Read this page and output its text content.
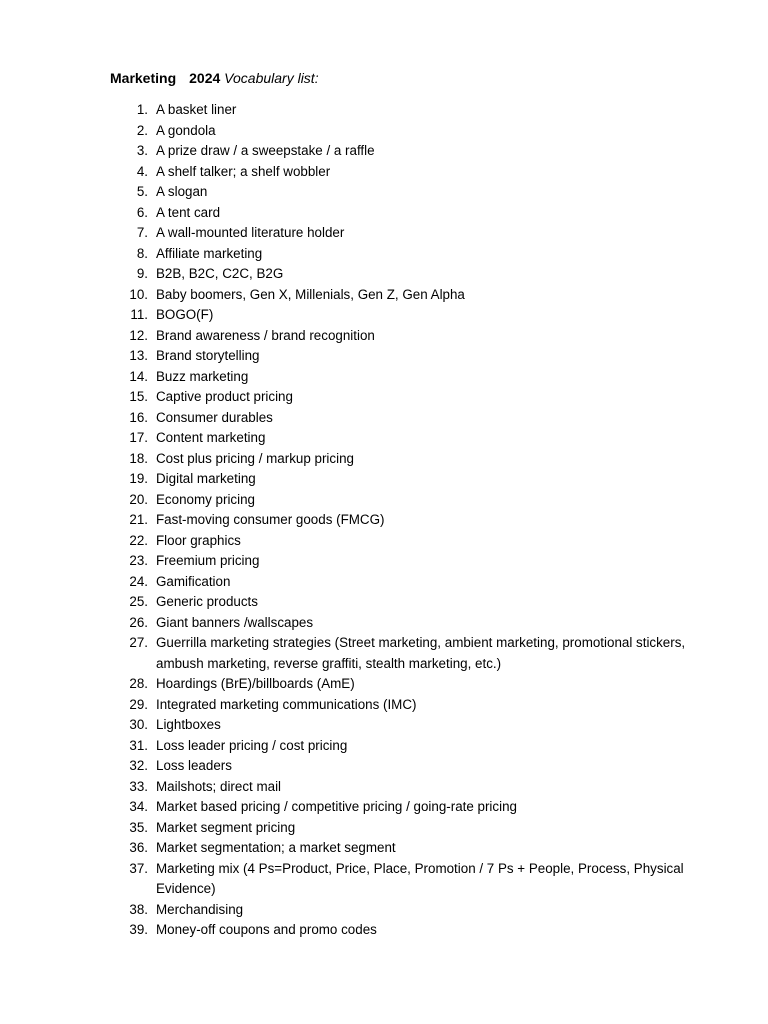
Marketing 2024 Vocabulary list:
1. A basket liner
2. A gondola
3. A prize draw / a sweepstake / a raffle
4. A shelf talker; a shelf wobbler
5. A slogan
6. A tent card
7. A wall-mounted literature holder
8. Affiliate marketing
9. B2B, B2C, C2C, B2G
10. Baby boomers, Gen X, Millenials, Gen Z, Gen Alpha
11. BOGO(F)
12. Brand awareness / brand recognition
13. Brand storytelling
14. Buzz marketing
15. Captive product pricing
16. Consumer durables
17. Content marketing
18. Cost plus pricing / markup pricing
19. Digital marketing
20. Economy pricing
21. Fast-moving consumer goods (FMCG)
22. Floor graphics
23. Freemium pricing
24. Gamification
25. Generic products
26. Giant banners /wallscapes
27. Guerrilla marketing strategies (Street marketing, ambient marketing, promotional stickers, ambush marketing, reverse graffiti, stealth marketing, etc.)
28. Hoardings (BrE)/billboards (AmE)
29. Integrated marketing communications (IMC)
30. Lightboxes
31. Loss leader pricing / cost pricing
32. Loss leaders
33. Mailshots; direct mail
34. Market based pricing / competitive pricing / going-rate pricing
35. Market segment pricing
36. Market segmentation; a market segment
37. Marketing mix (4 Ps=Product, Price, Place, Promotion / 7 Ps + People, Process, Physical Evidence)
38. Merchandising
39. Money-off coupons and promo codes
